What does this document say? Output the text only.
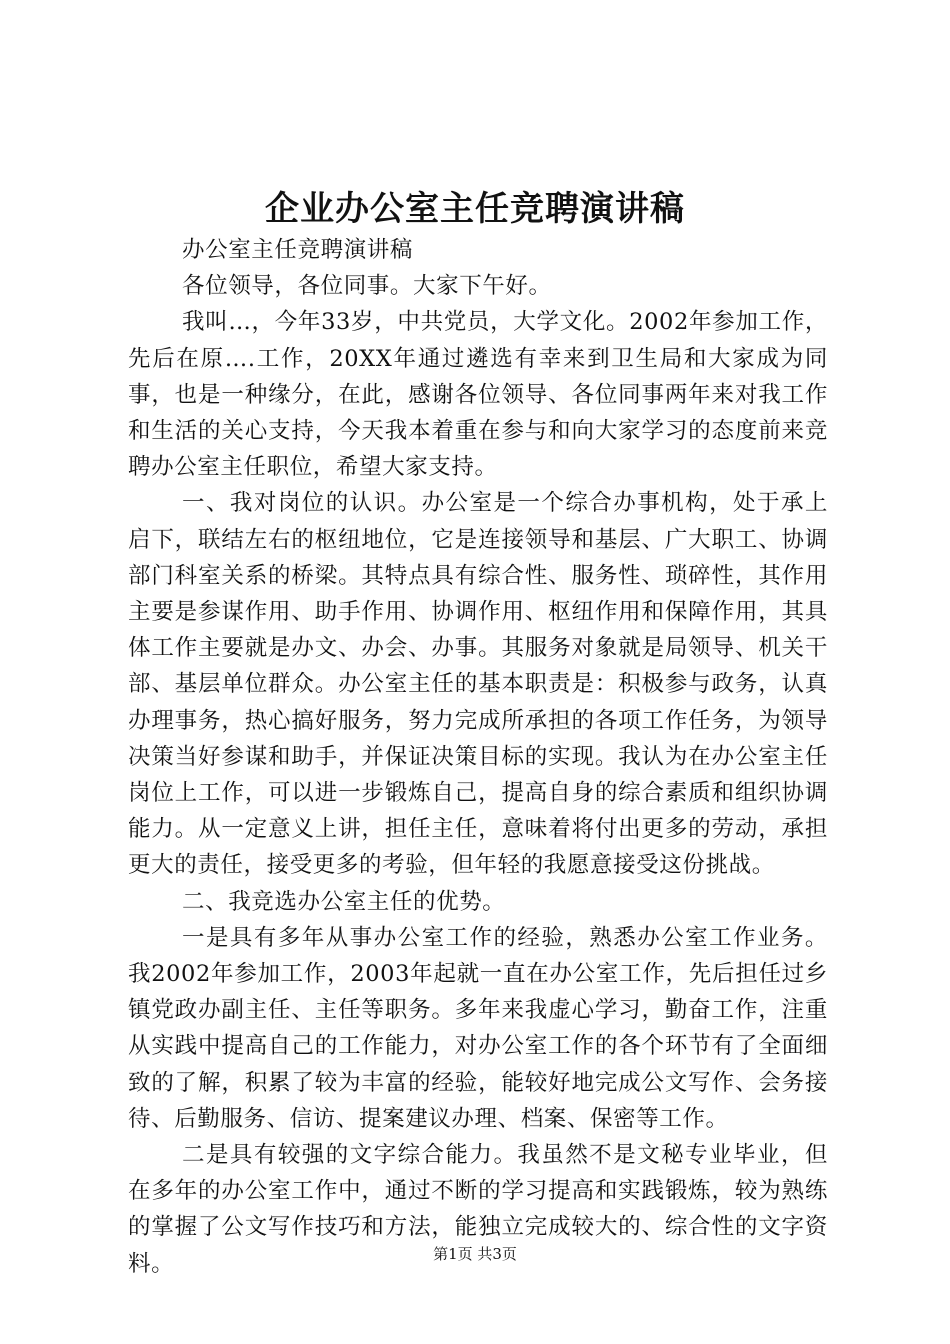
企业办公室主任竞聘演讲稿

办公室主任竞聘演讲稿

各位领导，各位同事。大家下午好。

我叫…，今年33岁，中共党员，大学文化。2002年参加工作，先后在原….工作，20XX年通过遴选有幸来到卫生局和大家成为同事，也是一种缘分，在此，感谢各位领导、各位同事两年来对我工作和生活的关心支持，今天我本着重在参与和向大家学习的态度前来竞聘办公室主任职位，希望大家支持。

一、我对岗位的认识。办公室是一个综合办事机构，处于承上启下，联结左右的枢纽地位，它是连接领导和基层、广大职工、协调部门科室关系的桥梁。其特点具有综合性、服务性、琐碎性，其作用主要是参谋作用、助手作用、协调作用、枢纽作用和保障作用，其具体工作主要就是办文、办会、办事。其服务对象就是局领导、机关干部、基层单位群众。办公室主任的基本职责是：积极参与政务，认真办理事务，热心搞好服务，努力完成所承担的各项工作任务，为领导决策当好参谋和助手，并保证决策目标的实现。我认为在办公室主任岗位上工作，可以进一步锻炼自己，提高自身的综合素质和组织协调能力。从一定意义上讲，担任主任，意味着将付出更多的劳动，承担更大的责任，接受更多的考验，但年轻的我愿意接受这份挑战。

二、我竞选办公室主任的优势。

一是具有多年从事办公室工作的经验，熟悉办公室工作业务。我2002年参加工作，2003年起就一直在办公室工作，先后担任过乡镇党政办副主任、主任等职务。多年来我虚心学习，勤奋工作，注重从实践中提高自己的工作能力，对办公室工作的各个环节有了全面细致的了解，积累了较为丰富的经验，能较好地完成公文写作、会务接待、后勤服务、信访、提案建议办理、档案、保密等工作。

二是具有较强的文字综合能力。我虽然不是文秘专业毕业，但在多年的办公室工作中，通过不断的学习提高和实践锻炼，较为熟练的掌握了公文写作技巧和方法，能独立完成较大的、综合性的文字资料。	第1页 共3页
